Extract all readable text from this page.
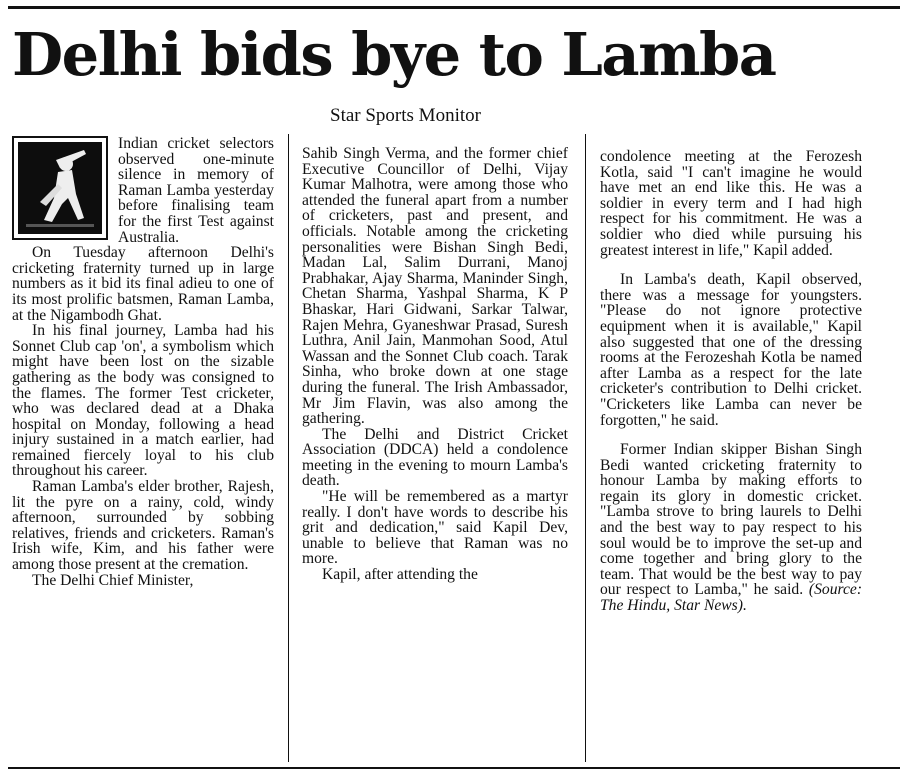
Delhi bids bye to Lamba
Star Sports Monitor

Indian cricket selectors observed one-minute silence in memory of Raman Lamba yesterday before finalising team for the first Test against Australia.

On Tuesday afternoon Delhi's cricketing fraternity turned up in large numbers as it bid its final adieu to one of its most prolific batsmen, Raman Lamba, at the Nigambodh Ghat.

In his final journey, Lamba had his Sonnet Club cap 'on', a symbolism which might have been lost on the sizable gathering as the body was consigned to the flames. The former Test cricketer, who was declared dead at a Dhaka hospital on Monday, following a head injury sustained in a match earlier, had remained fiercely loyal to his club throughout his career.

Raman Lamba's elder brother, Rajesh, lit the pyre on a rainy, cold, windy afternoon, surrounded by sobbing relatives, friends and cricketers. Raman's Irish wife, Kim, and his father were among those present at the cremation.

The Delhi Chief Minister,

Sahib Singh Verma, and the former chief Executive Councillor of Delhi, Vijay Kumar Malhotra, were among those who attended the funeral apart from a number of cricketers, past and present, and officials. Notable among the cricketing personalities were Bishan Singh Bedi, Madan Lal, Salim Durrani, Manoj Prabhakar, Ajay Sharma, Maninder Singh, Chetan Sharma, Yashpal Sharma, K P Bhaskar, Hari Gidwani, Sarkar Talwar, Rajen Mehra, Gyaneshwar Prasad, Suresh Luthra, Anil Jain, Manmohan Sood, Atul Wassan and the Sonnet Club coach. Tarak Sinha, who broke down at one stage during the funeral. The Irish Ambassador, Mr Jim Flavin, was also among the gathering.

The Delhi and District Cricket Association (DDCA) held a condolence meeting in the evening to mourn Lamba's death.

"He will be remembered as a martyr really. I don't have words to describe his grit and dedication," said Kapil Dev, unable to believe that Raman was no more.

Kapil, after attending the

condolence meeting at the Ferozesh Kotla, said "I can't imagine he would have met an end like this. He was a soldier in every term and I had high respect for his commitment. He was a soldier who died while pursuing his greatest interest in life," Kapil added.

In Lamba's death, Kapil observed, there was a message for youngsters. "Please do not ignore protective equipment when it is available," Kapil also suggested that one of the dressing rooms at the Ferozeshah Kotla be named after Lamba as a respect for the late cricketer's contribution to Delhi cricket. "Cricketers like Lamba can never be forgotten," he said.

Former Indian skipper Bishan Singh Bedi wanted cricketing fraternity to honour Lamba by making efforts to regain its glory in domestic cricket. "Lamba strove to bring laurels to Delhi and the best way to pay respect to his soul would be to improve the set-up and come together and bring glory to the team. That would be the best way to pay our respect to Lamba," he said. (Source: The Hindu, Star News).
